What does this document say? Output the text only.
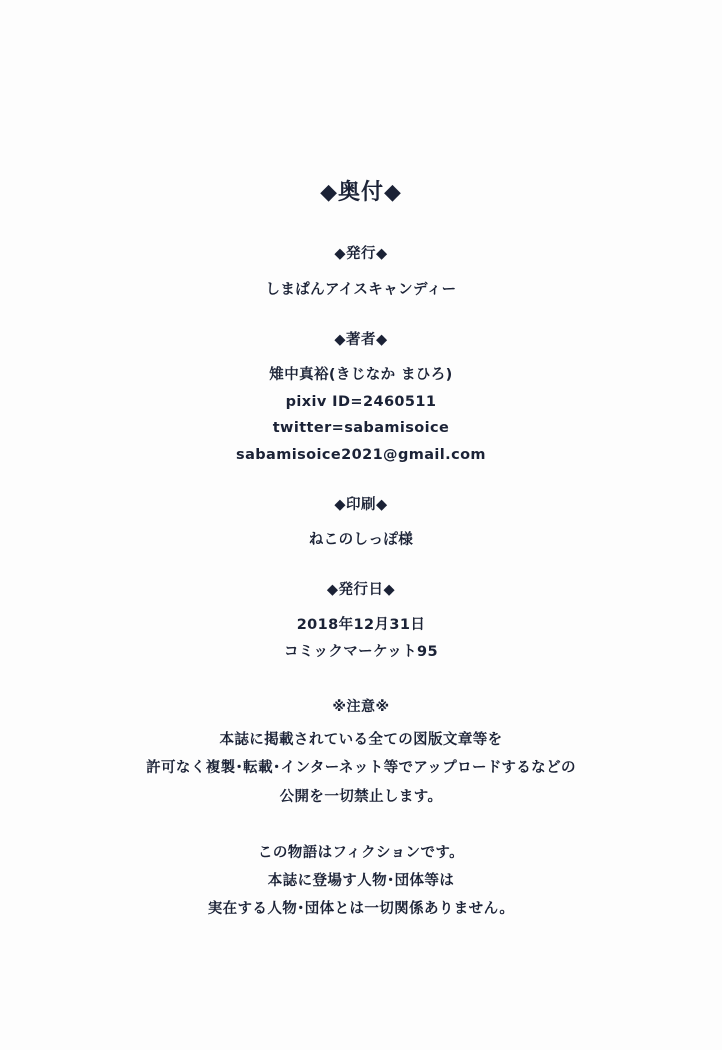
◆奥付◆
◆発行◆
しまぱんアイスキャンディー
◆著者◆
雉中真裕(きじなか まひろ)
pixiv ID=2460511
twitter=sabamisoice
sabamisoice2021@gmail.com
◆印刷◆
ねこのしっぽ様
◆発行日◆
2018年12月31日
コミックマーケット95
※注意※
本誌に掲載されている全ての図版文章等を
許可なく複製･転載･インターネット等でアップロードするなどの
公開を一切禁止します。
この物語はフィクションです。
本誌に登場す人物･団体等は
実在する人物･団体とは一切関係ありません。
